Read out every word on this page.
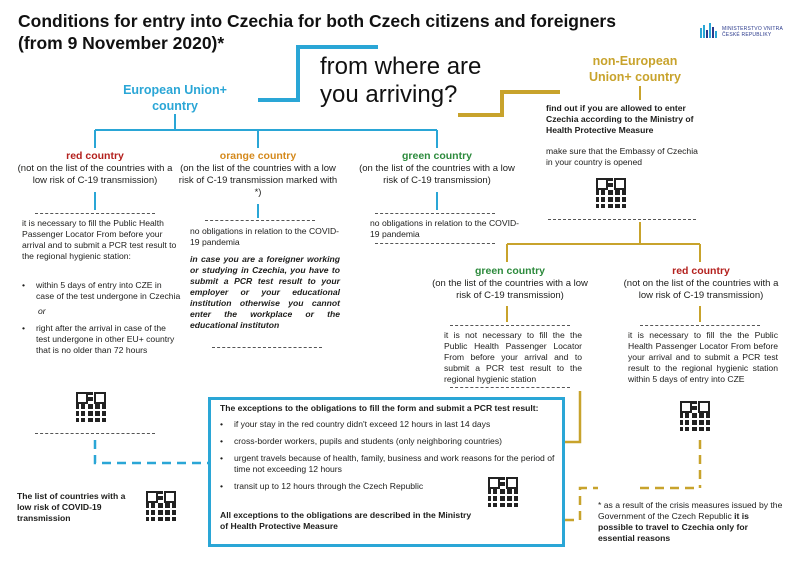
Conditions for entry into Czechia for both Czech citizens and foreigners
(from 9 November 2020)*
MINISTERSTVO VNITRA
ČESKÉ REPUBLIKY
from where are
you arriving?
European Union+
country
non-European
Union+ country
red country
(not on the list of the countries with a low risk of C-19 transmission)
it is necessary to fill the Public Health Passenger Locator From before your arrival and to submit a PCR test result to the regional hygienic station:
• within 5 days of entry into CZE in case of the test undergone in Czechia
or
• right after the arrival in case of the test undergone in other EU+ country that is no older than 72 hours
orange country
(on the list of the countries with a low risk of C-19 transmission marked with *)
no obligations in relation to the COVID-19 pandemia
in case you are a foreigner working or studying in Czechia, you have to submit a PCR test result to your employer or your educational institution otherwise you cannot enter the workplace or the educational instituton
green country
(on the list of the countries with a low risk of C-19 transmission)
no obligations in relation to the COVID-19 pandemia
find out if you are allowed to enter Czechia according to the Ministry of Health Protective Measure
make sure that the Embassy of Czechia in your country is opened
green country
(on the list of the countries with a low risk of C-19 transmission)
it is not necessary to fill the the Public Health Passenger Locator From before your arrival and to submit a PCR test result to the regional hygienic station
red country
(not on the list of the countries with a low risk of C-19 transmission)
it is necessary to fill the the Public Health Passenger Locator From before your arrival and to submit a PCR test result to the regional hygienic station within 5 days of entry into CZE
The exceptions to the obligations to fill the form and submit a PCR test result:
• if your stay in the red country didn't exceed 12 hours in last 14 days
• cross-border workers, pupils and students (only neighboring countries)
• urgent travels because of health, family, business and work reasons for the period of time not exceeding 12 hours
• transit up to 12 hours through the Czech Republic
All exceptions to the obligations are described in the Ministry of Health Protective Measure
The list of countries with a low risk of COVID-19 transmission
* as a result of the crisis measures issued by the Government of the Czech Republic it is possible to travel to Czechia only for essential reasons
